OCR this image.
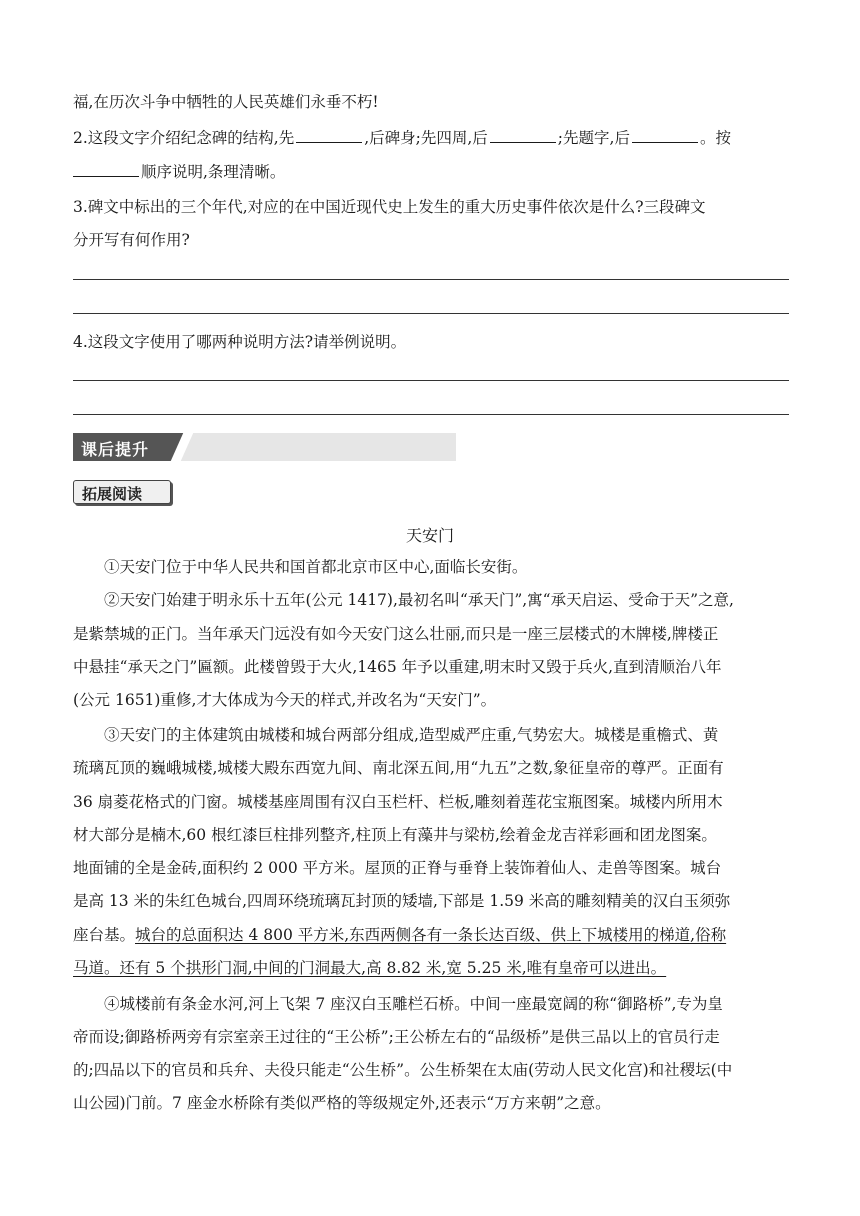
福,在历次斗争中牺牲的人民英雄们永垂不朽!
2.这段文字介绍纪念碑的结构,先	,后碑身;先四周,后	;先题字,后	。按
顺序说明,条理清晰。
3.碑文中标出的三个年代,对应的在中国近现代史上发生的重大历史事件依次是什么?三段碑文
分开写有何作用?
4.这段文字使用了哪两种说明方法?请举例说明。
课后提升
拓展阅读
天安门
①天安门位于中华人民共和国首都北京市区中心,面临长安街。
②天安门始建于明永乐十五年(公元 1417),最初名叫“承天门”,寓“承天启运、受命于天”之意,
是紫禁城的正门。当年承天门远没有如今天安门这么壮丽,而只是一座三层楼式的木牌楼,牌楼正
中悬挂“承天之门”匾额。此楼曾毁于大火,1465 年予以重建,明末时又毁于兵火,直到清顺治八年
(公元 1651)重修,才大体成为今天的样式,并改名为“天安门”。
③天安门的主体建筑由城楼和城台两部分组成,造型威严庄重,气势宏大。城楼是重檐式、黄
琉璃瓦顶的巍峨城楼,城楼大殿东西宽九间、南北深五间,用“九五”之数,象征皇帝的尊严。正面有
36 扇菱花格式的门窗。城楼基座周围有汉白玉栏杆、栏板,雕刻着莲花宝瓶图案。城楼内所用木
材大部分是楠木,60 根红漆巨柱排列整齐,柱顶上有藻井与梁枋,绘着金龙吉祥彩画和团龙图案。
地面铺的全是金砖,面积约 2 000 平方米。屋顶的正脊与垂脊上装饰着仙人、走兽等图案。城台
是高 13 米的朱红色城台,四周环绕琉璃瓦封顶的矮墙,下部是 1.59 米高的雕刻精美的汉白玉须弥
座台基。城台的总面积达 4 800 平方米,东西两侧各有一条长达百级、供上下城楼用的梯道,俗称
马道。还有 5 个拱形门洞,中间的门洞最大,高 8.82 米,宽 5.25 米,唯有皇帝可以进出。
④城楼前有条金水河,河上飞架 7 座汉白玉雕栏石桥。中间一座最宽阔的称“御路桥”,专为皇
帝而设;御路桥两旁有宗室亲王过往的“王公桥”;王公桥左右的“品级桥”是供三品以上的官员行走
的;四品以下的官员和兵弁、夫役只能走“公生桥”。公生桥架在太庙(劳动人民文化宫)和社稷坛(中
山公园)门前。7 座金水桥除有类似严格的等级规定外,还表示“万方来朝”之意。
